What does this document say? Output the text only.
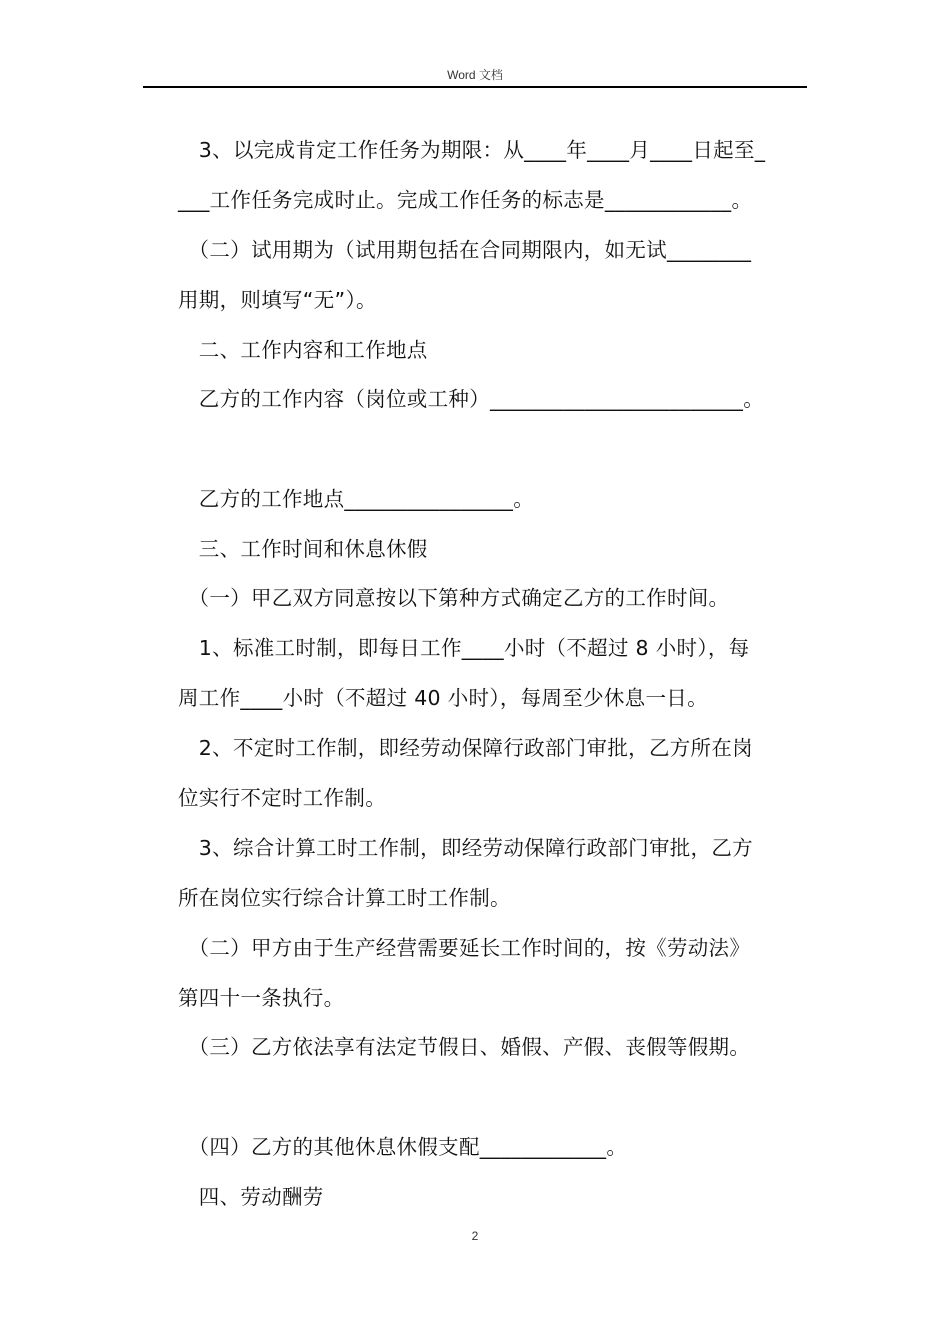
Word 文档
　3、以完成肯定工作任务为期限：从____年____月____日起至_
___工作任务完成时止。完成工作任务的标志是____________。
　（二）试用期为（试用期包括在合同期限内，如无试________
用期，则填写“无”）。
　二、工作内容和工作地点
　乙方的工作内容（岗位或工种）________________________。
　乙方的工作地点________________。
　三、工作时间和休息休假
　（一）甲乙双方同意按以下第种方式确定乙方的工作时间。
　1、标准工时制，即每日工作____小时（不超过 8 小时），每
周工作____小时（不超过 40 小时），每周至少休息一日。
　2、不定时工作制，即经劳动保障行政部门审批，乙方所在岗
位实行不定时工作制。
　3、综合计算工时工作制，即经劳动保障行政部门审批，乙方
所在岗位实行综合计算工时工作制。
　（二）甲方由于生产经营需要延长工作时间的，按《劳动法》
第四十一条执行。
　（三）乙方依法享有法定节假日、婚假、产假、丧假等假期。
　（四）乙方的其他休息休假支配____________。
　四、劳动酬劳
2
